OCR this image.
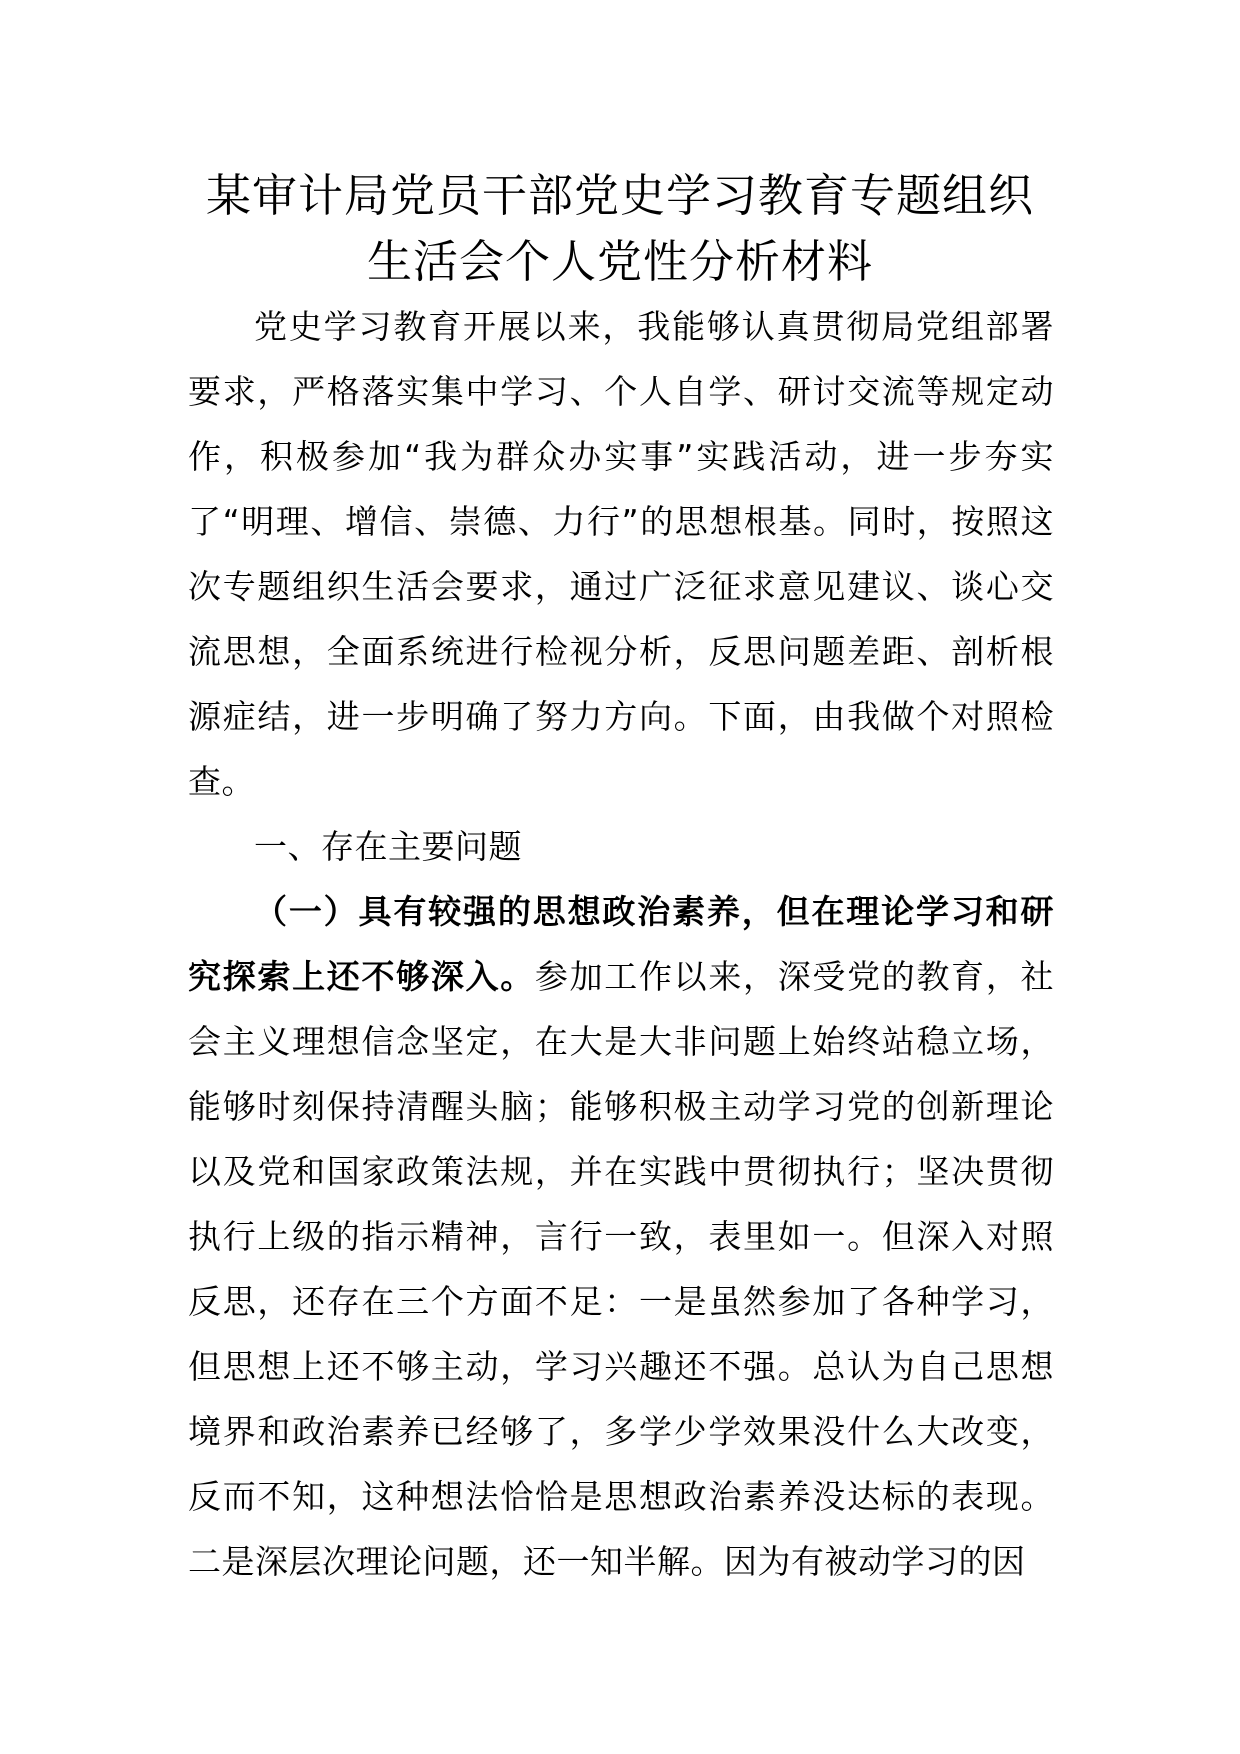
某审计局党员干部党史学习教育专题组织
生活会个人党性分析材料

党史学习教育开展以来，我能够认真贯彻局党组部署要求，严格落实集中学习、个人自学、研讨交流等规定动作，积极参加“我为群众办实事”实践活动，进一步夯实了“明理、增信、崇德、力行”的思想根基。同时，按照这次专题组织生活会要求，通过广泛征求意见建议、谈心交流思想，全面系统进行检视分析，反思问题差距、剖析根源症结，进一步明确了努力方向。下面，由我做个对照检查。

一、存在主要问题

（一）具有较强的思想政治素养，但在理论学习和研究探索上还不够深入。参加工作以来，深受党的教育，社会主义理想信念坚定，在大是大非问题上始终站稳立场，能够时刻保持清醒头脑；能够积极主动学习党的创新理论以及党和国家政策法规，并在实践中贯彻执行；坚决贯彻执行上级的指示精神，言行一致，表里如一。但深入对照反思，还存在三个方面不足：一是虽然参加了各种学习，但思想上还不够主动，学习兴趣还不强。总认为自己思想境界和政治素养已经够了，多学少学效果没什么大改变，反而不知，这种想法恰恰是思想政治素养没达标的表现。二是深层次理论问题，还一知半解。因为有被动学习的因
